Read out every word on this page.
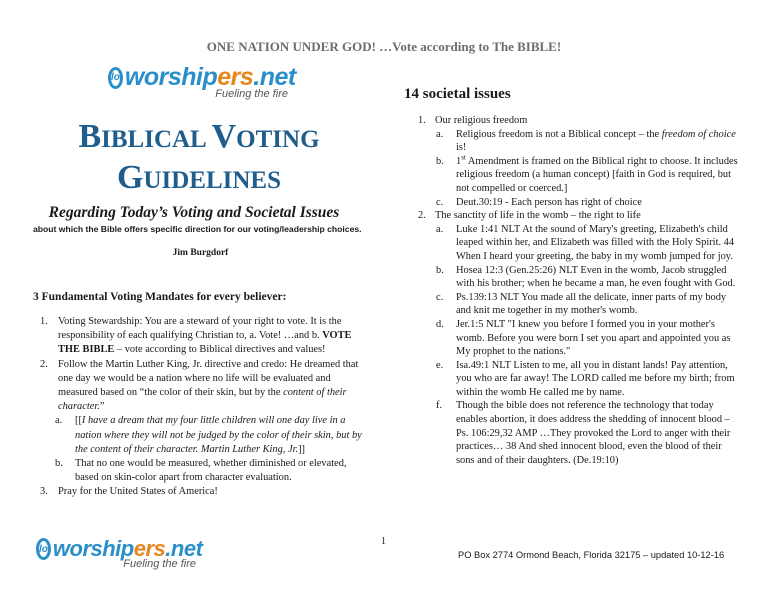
ONE NATION UNDER GOD! …Vote according to The BIBLE!
lo worshipers.net
Fueling the fire
BIBLICAL VOTING
GUIDELINES
Regarding Today’s Voting and Societal Issues
about which the Bible offers specific direction for our voting/leadership choices.
Jim Burgdorf
3 Fundamental Voting Mandates for every believer:
1. Voting Stewardship: You are a steward of your right to vote. It is the responsibility of each qualifying Christian to, a. Vote! …and b. VOTE THE BIBLE – vote according to Biblical directives and values!
2. Follow the Martin Luther King, Jr. directive and credo: He dreamed that one day we would be a nation where no life will be evaluated and measured based on “the color of their skin, but by the content of their character.”
a.	[[I have a dream that my four little children will one day live in a nation where they will not be judged by the color of their skin, but by the content of their character. Martin Luther King, Jr.]]
b.	That no one would be measured, whether diminished or elevated, based on skin-color apart from character evaluation.
3. Pray for the United States of America!
lo worshipers.net
Fueling the fire
1
PO Box 2774 Ormond Beach, Florida 32175 – updated 10-12-16
14 societal issues
1. Our religious freedom
a.	Religious freedom is not a Biblical concept – the freedom of choice is!
b.	1st Amendment is framed on the Biblical right to choose. It includes religious freedom (a human concept) [faith in God is required, but not compelled or coerced.]
c.	Deut.30:19 - Each person has right of choice
2. The sanctity of life in the womb – the right to life
a.	Luke 1:41 NLT At the sound of Mary's greeting, Elizabeth's child leaped within her, and Elizabeth was filled with the Holy Spirit. 44 When I heard your greeting, the baby in my womb jumped for joy.
b.	Hosea 12:3 (Gen.25:26) NLT Even in the womb, Jacob struggled with his brother; when he became a man, he even fought with God.
c.	Ps.139:13 NLT You made all the delicate, inner parts of my body and knit me together in my mother's womb.
d.	Jer.1:5 NLT "I knew you before I formed you in your mother's womb. Before you were born I set you apart and appointed you as My prophet to the nations."
e.	Isa.49:1 NLT Listen to me, all you in distant lands! Pay attention, you who are far away! The LORD called me before my birth; from within the womb He called me by name.
f.	Though the bible does not reference the technology that today enables abortion, it does address the shedding of innocent blood – Ps. 106:29,32 AMP …They provoked the Lord to anger with their practices… 38 And shed innocent blood, even the blood of their sons and of their daughters. (De.19:10)
